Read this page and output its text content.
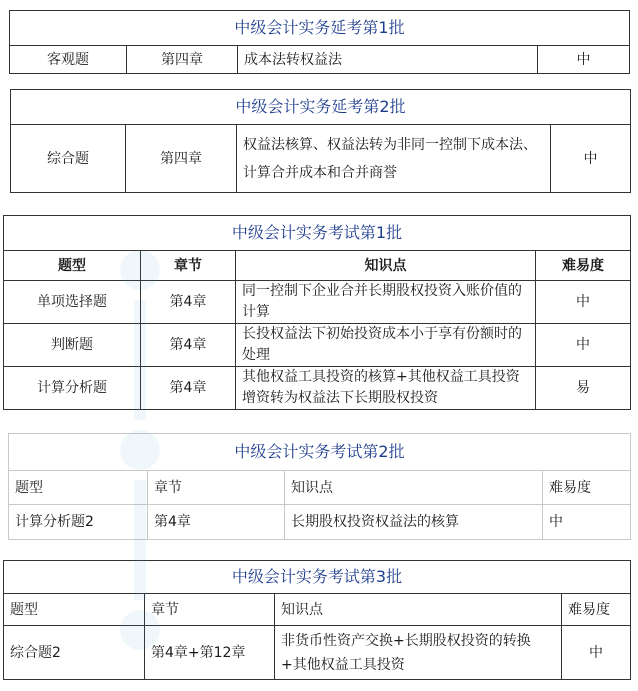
中级会计实务延考第1批
客观题	第四章	成本法转权益法	中
中级会计实务延考第2批
综合题	第四章	权益法核算、权益法转为非同一控制下成本法、计算合并成本和合并商誉	中
中级会计实务考试第1批			
题型	章节	知识点	难易度
单项选择题	第4章	同一控制下企业合并长期股权投资入账价值的计算	中
判断题	第4章	长投权益法下初始投资成本小于享有份额时的处理	中
计算分析题	第4章	其他权益工具投资的核算+其他权益工具投资增资转为权益法下长期股权投资	易
中级会计实务考试第2批			
题型	章节	知识点	难易度
计算分析题2	第4章	长期股权投资权益法的核算	中
中级会计实务考试第3批			
题型	章节	知识点	难易度
综合题2	第4章+第12章	非货币性资产交换+长期股权投资的转换+其他权益工具投资	中
